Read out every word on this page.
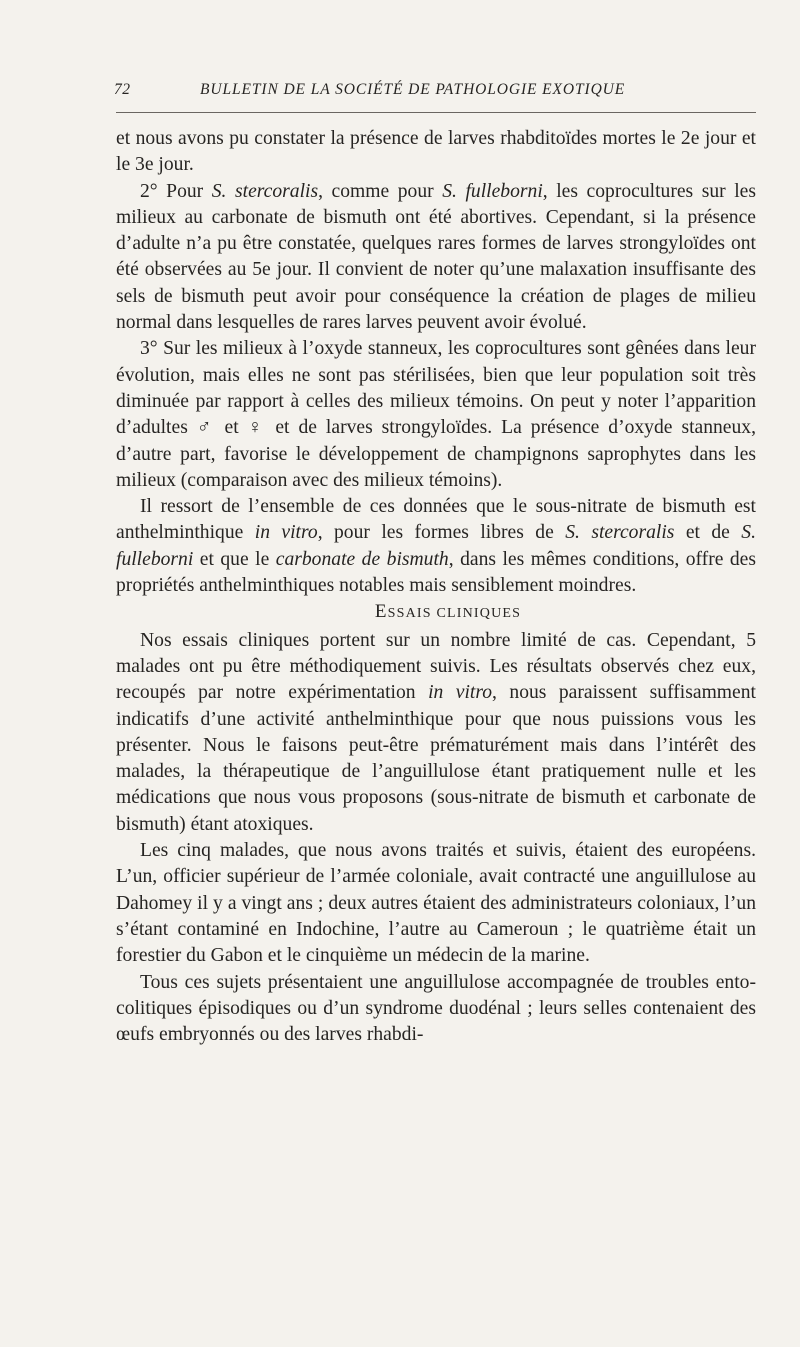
72	BULLETIN DE LA SOCIÉTÉ DE PATHOLOGIE EXOTIQUE

et nous avons pu constater la présence de larves rhabditoïdes mortes le 2e jour et le 3e jour.

2° Pour S. stercoralis, comme pour S. fulleborni, les coprocultures sur les milieux au carbonate de bismuth ont été abortives. Cependant, si la présence d’adulte n’a pu être constatée, quelques rares formes de larves strongyloïdes ont été observées au 5e jour. Il convient de noter qu’une malaxation insuffisante des sels de bismuth peut avoir pour conséquence la création de plages de milieu normal dans lesquelles de rares larves peuvent avoir évolué.

3° Sur les milieux à l’oxyde stanneux, les coprocultures sont gênées dans leur évolution, mais elles ne sont pas stérilisées, bien que leur population soit très diminuée par rapport à celles des milieux témoins. On peut y noter l’apparition d’adultes ♂ et ♀ et de larves strongyloïdes. La présence d’oxyde stanneux, d’autre part, favorise le développement de champignons saprophytes dans les milieux (comparaison avec des milieux témoins).

Il ressort de l’ensemble de ces données que le sous-nitrate de bismuth est anthelminthique in vitro, pour les formes libres de S. stercoralis et de S. fulleborni et que le carbonate de bismuth, dans les mêmes conditions, offre des propriétés anthelminthiques notables mais sensiblement moindres.

ESSAIS CLINIQUES

Nos essais cliniques portent sur un nombre limité de cas. Cependant, 5 malades ont pu être méthodiquement suivis. Les résultats observés chez eux, recoupés par notre expérimentation in vitro, nous paraissent suffisamment indicatifs d’une activité anthelminthique pour que nous puissions vous les présenter. Nous le faisons peut-être prématurément mais dans l’intérêt des malades, la thérapeutique de l’anguillulose étant pratiquement nulle et les médications que nous vous proposons (sous-nitrate de bismuth et carbonate de bismuth) étant atoxiques.

Les cinq malades, que nous avons traités et suivis, étaient des européens. L’un, officier supérieur de l’armée coloniale, avait contracté une anguillulose au Dahomey il y a vingt ans ; deux autres étaient des administrateurs coloniaux, l’un s’étant contaminé en Indochine, l’autre au Cameroun ; le quatrième était un forestier du Gabon et le cinquième un médecin de la marine.

Tous ces sujets présentaient une anguillulose accompagnée de troubles ento-colitiques épisodiques ou d’un syndrome duodénal ; leurs selles contenaient des œufs embryonnés ou des larves rhabdi-
